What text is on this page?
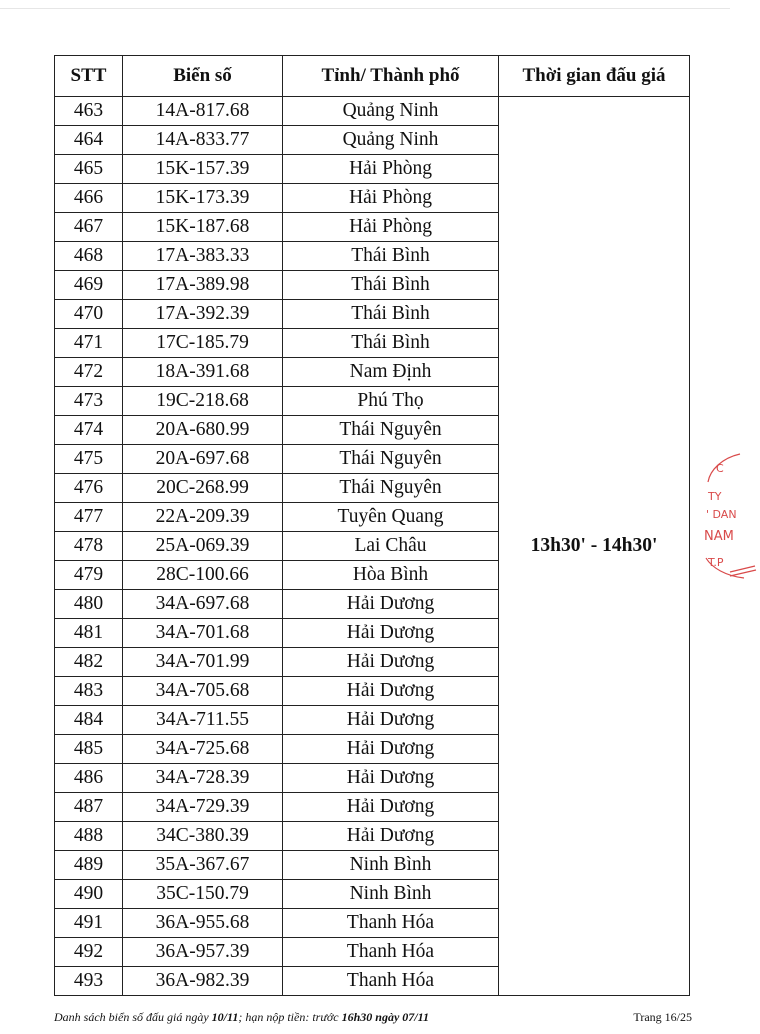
STT	Biển số	Tỉnh/ Thành phố	Thời gian đấu giá
463	14A-817.68	Quảng Ninh	13h30' - 14h30'
464	14A-833.77	Quảng Ninh	
465	15K-157.39	Hải Phòng	
466	15K-173.39	Hải Phòng	
467	15K-187.68	Hải Phòng	
468	17A-383.33	Thái Bình	
469	17A-389.98	Thái Bình	
470	17A-392.39	Thái Bình	
471	17C-185.79	Thái Bình	
472	18A-391.68	Nam Định	
473	19C-218.68	Phú Thọ	
474	20A-680.99	Thái Nguyên	
475	20A-697.68	Thái Nguyên	
476	20C-268.99	Thái Nguyên	
477	22A-209.39	Tuyên Quang	
478	25A-069.39	Lai Châu	
479	28C-100.66	Hòa Bình	
480	34A-697.68	Hải Dương	
481	34A-701.68	Hải Dương	
482	34A-701.99	Hải Dương	
483	34A-705.68	Hải Dương	
484	34A-711.55	Hải Dương	
485	34A-725.68	Hải Dương	
486	34A-728.39	Hải Dương	
487	34A-729.39	Hải Dương	
488	34C-380.39	Hải Dương	
489	35A-367.67	Ninh Bình	
490	35C-150.79	Ninh Bình	
491	36A-955.68	Thanh Hóa	
492	36A-957.39	Thanh Hóa	
493	36A-982.39	Thanh Hóa	
Danh sách biển số đấu giá ngày 10/11; hạn nộp tiền: trước 16h30 ngày 07/11	Trang 16/25
C
TY
' DAN
NAM
T.P
